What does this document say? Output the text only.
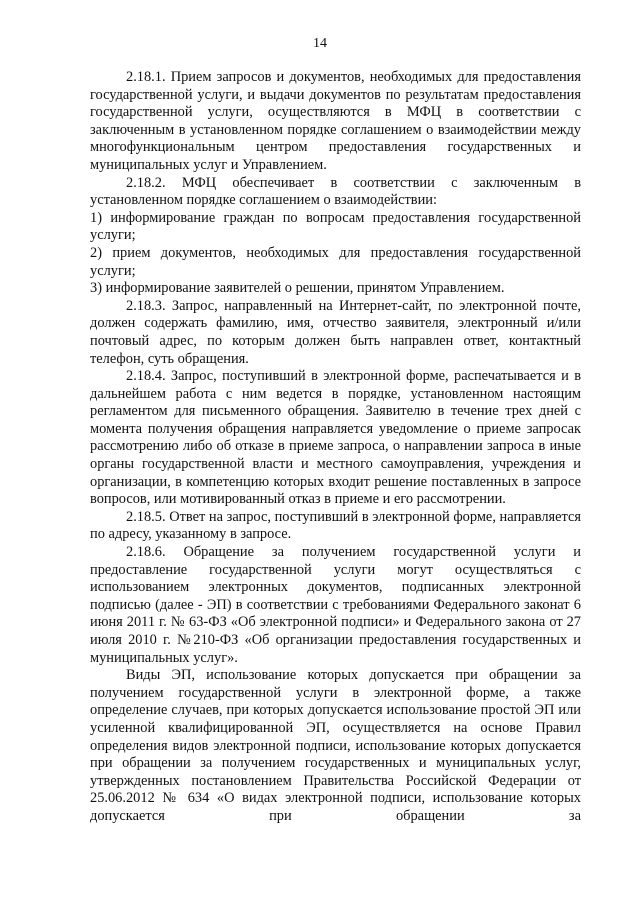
14

2.18.1. Прием запросов и документов, необходимых для предоставления государственной услуги, и выдачи документов по результатам предоставления государственной услуги, осуществляются в МФЦ в соответствии с заключенным в установленном порядке соглашением о взаимодействии между многофункциональным центром предоставления государственных и муниципальных услуг и Управлением.

2.18.2. МФЦ обеспечивает в соответствии с заключенным в установленном порядке соглашением о взаимодействии:

1) информирование граждан по вопросам предоставления государственной услуги;

2) прием документов, необходимых для предоставления государственной услуги;

3) информирование заявителей о решении, принятом Управлением.

2.18.3. Запрос, направленный на Интернет-сайт, по электронной почте, должен содержать фамилию, имя, отчество заявителя, электронный и/или почтовый адрес, по которым должен быть направлен ответ, контактный телефон, суть обращения.

2.18.4. Запрос, поступивший в электронной форме, распечатывается и в дальнейшем работа с ним ведется в порядке, установленном настоящим регламентом для письменного обращения. Заявителю в течение трех дней с момента получения обращения направляется уведомление о приеме запросак рассмотрению либо об отказе в приеме запроса, о направлении запроса в иные органы государственной власти и местного самоуправления, учреждения и организации, в компетенцию которых входит решение поставленных в запросе вопросов, или мотивированный отказ в приеме и его рассмотрении.

2.18.5. Ответ на запрос, поступивший в электронной форме, направляется по адресу, указанному в запросе.

2.18.6. Обращение за получением государственной услуги и предоставление государственной услуги могут осуществляться с использованием электронных документов, подписанных электронной подписью (далее - ЭП) в соответствии с требованиями Федерального законат 6 июня 2011 г. № 63-ФЗ «Об электронной подписи» и Федерального закона от 27 июля 2010 г. №210-ФЗ «Об организации предоставления государственных и муниципальных услуг».

Виды ЭП, использование которых допускается при обращении за получением государственной услуги в электронной форме, а также определение случаев, при которых допускается использование простой ЭП или усиленной квалифицированной ЭП, осуществляется на основе Правил определения видов электронной подписи, использование которых допускается при обращении за получением государственных и муниципальных услуг, утвержденных постановлением Правительства Российской Федерации от 25.06.2012 № 634 «О видах электронной подписи, использование которых допускается при обращении за
